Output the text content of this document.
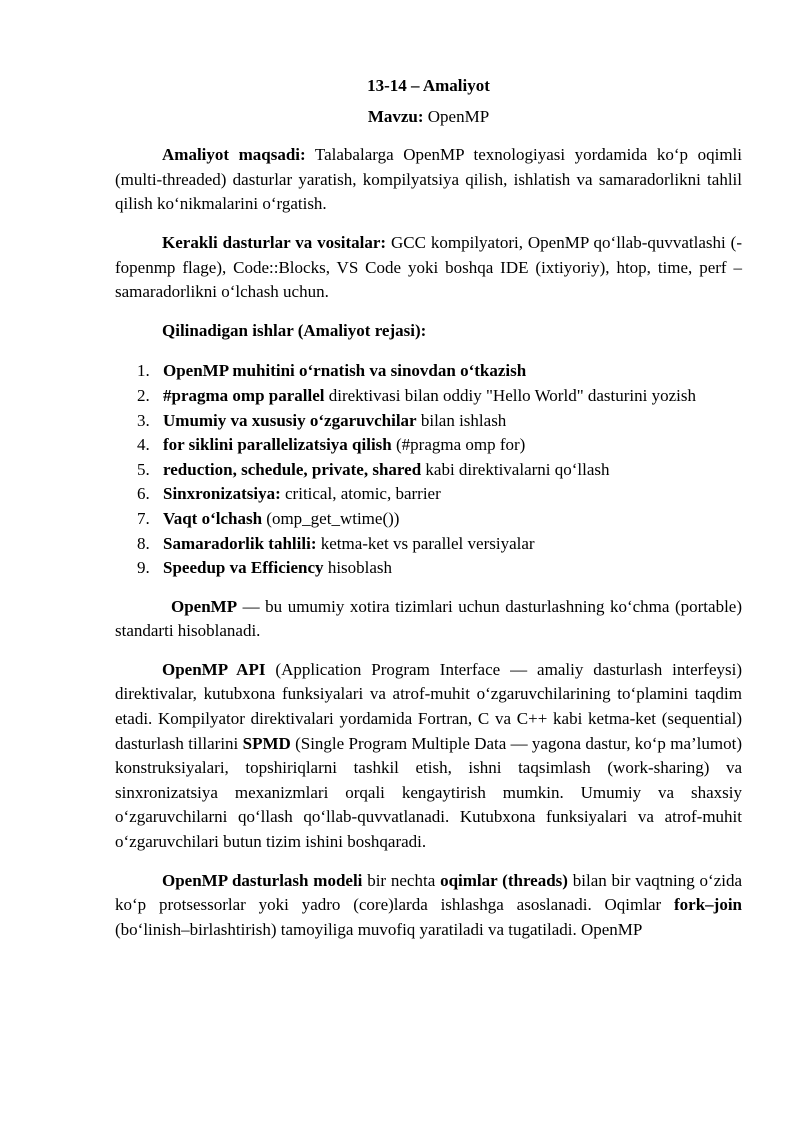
13-14 – Amaliyot
Mavzu: OpenMP

Amaliyot maqsadi: Talabalarga OpenMP texnologiyasi yordamida ko‘p oqimli (multi-threaded) dasturlar yaratish, kompilyatsiya qilish, ishlatish va samaradorlikni tahlil qilish ko‘nikmalarini o‘rgatish.

Kerakli dasturlar va vositalar: GCC kompilyatori, OpenMP qo‘llab-quvvatlashi (-fopenmp flage), Code::Blocks, VS Code yoki boshqa IDE (ixtiyoriy), htop, time, perf – samaradorlikni o‘lchash uchun.

Qilinadigan ishlar (Amaliyot rejasi):
1. OpenMP muhitini o‘rnatish va sinovdan o‘tkazish
2. #pragma omp parallel direktivasi bilan oddiy "Hello World" dasturini yozish
3. Umumiy va xususiy o‘zgaruvchilar bilan ishlash
4. for siklini parallelizatsiya qilish (#pragma omp for)
5. reduction, schedule, private, shared kabi direktivalarni qo‘llash
6. Sinxronizatsiya: critical, atomic, barrier
7. Vaqt o‘lchash (omp_get_wtime())
8. Samaradorlik tahlili: ketma-ket vs parallel versiyalar
9. Speedup va Efficiency hisoblash

OpenMP — bu umumiy xotira tizimlari uchun dasturlashning ko‘chma (portable) standarti hisoblanadi.

OpenMP API (Application Program Interface — amaliy dasturlash interfeysi) direktivalar, kutubxona funksiyalari va atrof-muhit o‘zgaruvchilarining to‘plamini taqdim etadi. Kompilyator direktivalari yordamida Fortran, C va C++ kabi ketma-ket (sequential) dasturlash tillarini SPMD (Single Program Multiple Data — yagona dastur, ko‘p ma’lumot) konstruksiyalari, topshiriqlarni tashkil etish, ishni taqsimlash (work-sharing) va sinxronizatsiya mexanizmlari orqali kengaytirish mumkin. Umumiy va shaxsiy o‘zgaruvchilarni qo‘llash qo‘llab-quvvatlanadi. Kutubxona funksiyalari va atrof-muhit o‘zgaruvchilari butun tizim ishini boshqaradi.

OpenMP dasturlash modeli bir nechta oqimlar (threads) bilan bir vaqtning o‘zida ko‘p protsessorlar yoki yadro (core)larda ishlashga asoslanadi. Oqimlar fork–join (bo‘linish–birlashtirish) tamoyiliga muvofiq yaratiladi va tugatiladi. OpenMP
